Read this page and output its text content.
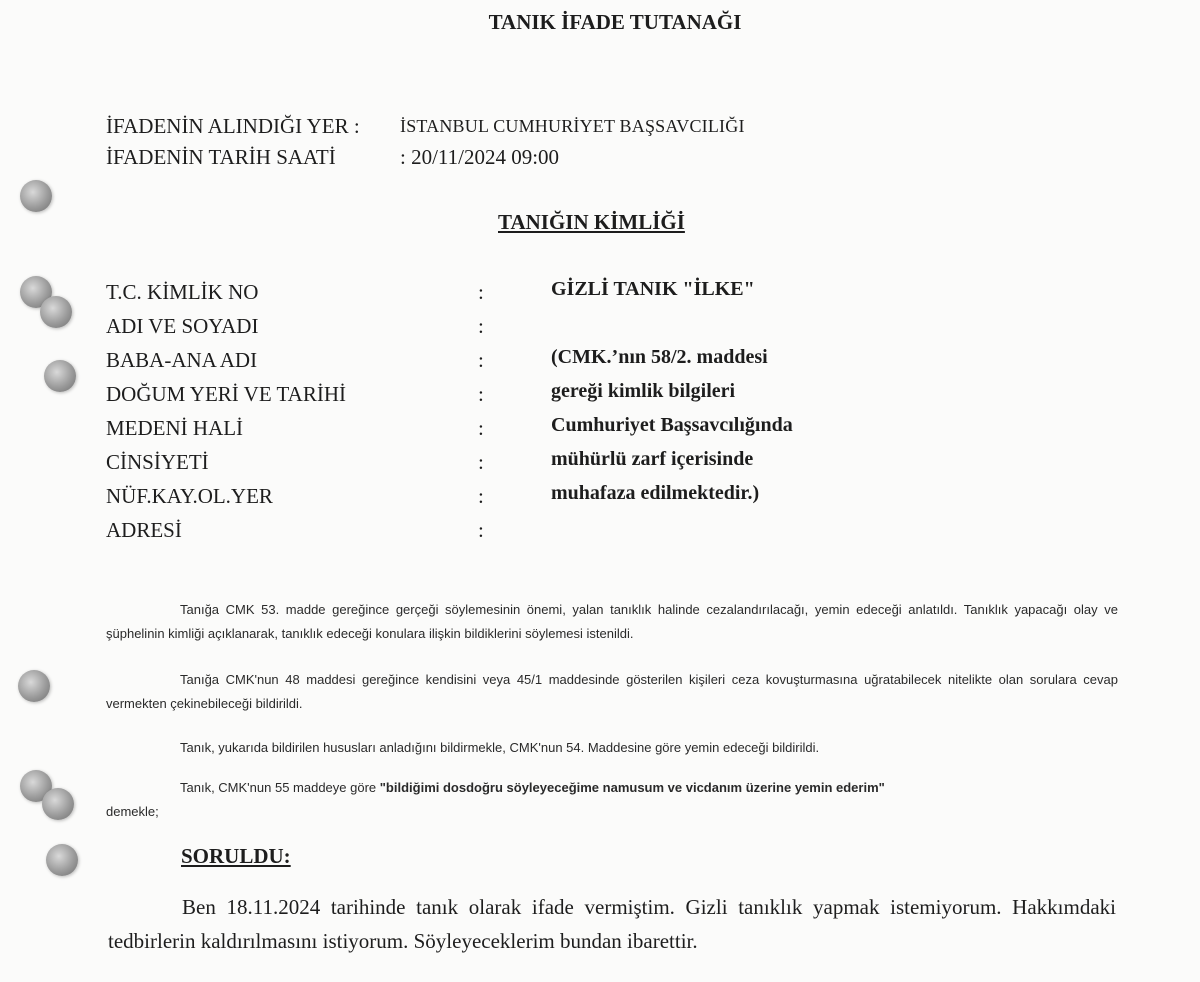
TANIK İFADE TUTANAĞI
İFADENİN ALINDIĞI YER : İSTANBUL CUMHURİYET BAŞSAVCILIĞI
İFADENİN TARİH SAATİ	: 20/11/2024 09:00
TANIĞIN KİMLİĞİ
T.C. KİMLİK NO	:	GİZLİ TANIK "İLKE"
ADI VE SOYADI	:
BABA-ANA ADI	:	(CMK.’nın 58/2. maddesi
DOĞUM YERİ VE TARİHİ	:	gereği kimlik bilgileri
MEDENİ HALİ	:	Cumhuriyet Başsavcılığında
CİNSİYETİ	:	mühürlü zarf içerisinde
NÜF.KAY.OL.YER	:	muhafaza edilmektedir.)
ADRESİ	:
Tanığa CMK 53. madde gereğince gerçeği söylemesinin önemi, yalan tanıklık halinde cezalandırılacağı, yemin edeceği anlatıldı. Tanıklık yapacağı olay ve şüphelinin kimliği açıklanarak, tanıklık edeceği konulara ilişkin bildiklerini söylemesi istenildi.
Tanığa CMK'nun 48 maddesi gereğince kendisini veya 45/1 maddesinde gösterilen kişileri ceza kovuşturmasına uğratabilecek nitelikte olan sorulara cevap vermekten çekinebileceği bildirildi.
Tanık, yukarıda bildirilen hususları anladığını bildirmekle, CMK'nun 54. Maddesine göre yemin edeceği bildirildi.
Tanık, CMK'nun 55 maddeye göre "bildiğimi dosdoğru söyleyeceğime namusum ve vicdanım üzerine yemin ederim"
demekle;
SORULDU:
Ben 18.11.2024 tarihinde tanık olarak ifade vermiştim. Gizli tanıklık yapmak istemiyorum. Hakkımdaki tedbirlerin kaldırılmasını istiyorum. Söyleyeceklerim bundan ibarettir.
